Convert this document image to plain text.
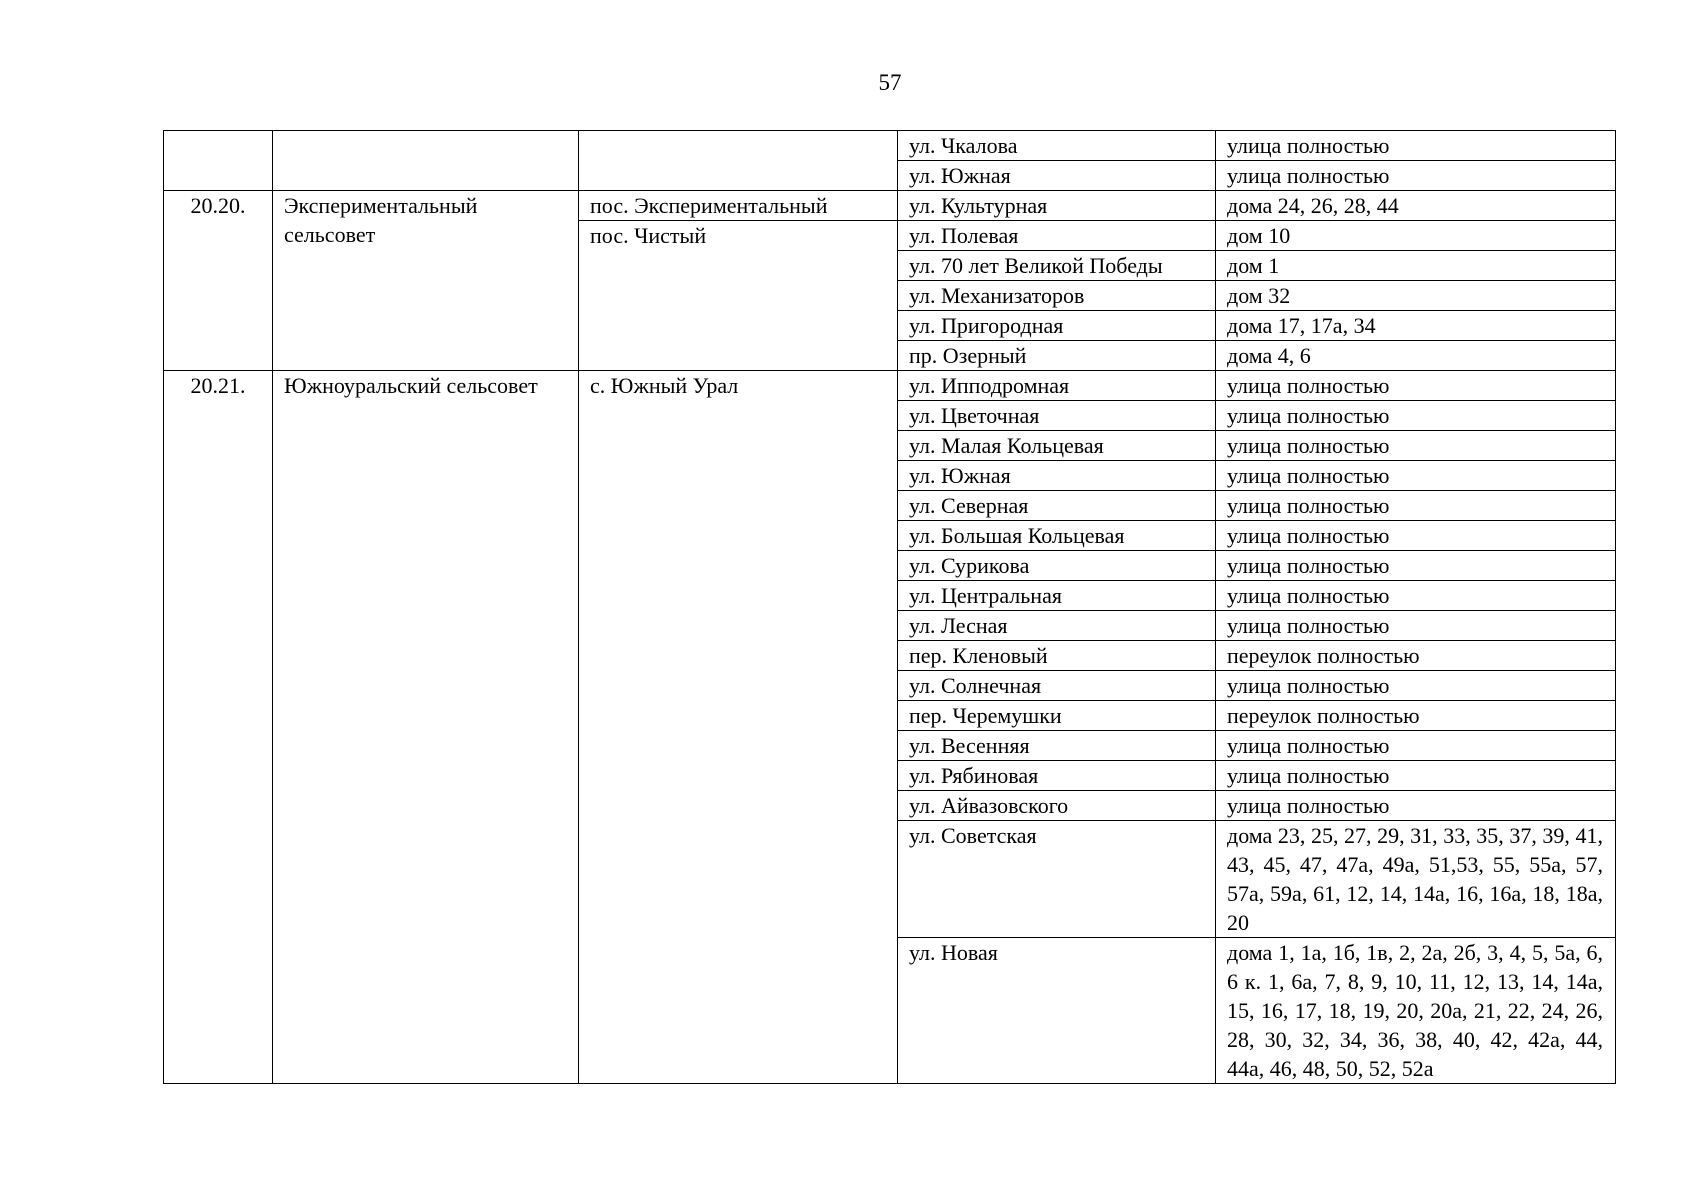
57
			ул. Чкалова	улица полностью
			ул. Южная	улица полностью
20.20.	Экспериментальный сельсовет	пос. Экспериментальный	ул. Культурная	дома 24, 26, 28, 44
		пос. Чистый	ул. Полевая	дом 10
			ул. 70 лет Великой Победы	дом 1
			ул. Механизаторов	дом 32
			ул. Пригородная	дома 17, 17а, 34
			пр. Озерный	дома 4, 6
20.21.	Южноуральский сельсовет	с. Южный Урал	ул. Ипподромная	улица полностью
			ул. Цветочная	улица полностью
			ул. Малая Кольцевая	улица полностью
			ул. Южная	улица полностью
			ул. Северная	улица полностью
			ул. Большая Кольцевая	улица полностью
			ул. Сурикова	улица полностью
			ул. Центральная	улица полностью
			ул. Лесная	улица полностью
			пер. Кленовый	переулок полностью
			ул. Солнечная	улица полностью
			пер. Черемушки	переулок полностью
			ул. Весенняя	улица полностью
			ул. Рябиновая	улица полностью
			ул. Айвазовского	улица полностью
			ул. Советская	дома 23, 25, 27, 29, 31, 33, 35, 37, 39, 41, 43, 45, 47, 47а, 49а, 51,53, 55, 55а, 57, 57а, 59а, 61, 12, 14, 14а, 16, 16а, 18, 18а, 20
			ул. Новая	дома 1, 1а, 1б, 1в, 2, 2а, 2б, 3, 4, 5, 5а, 6, 6 к. 1, 6а, 7, 8, 9, 10, 11, 12, 13, 14, 14а, 15, 16, 17, 18, 19, 20, 20а, 21, 22, 24, 26, 28, 30, 32, 34, 36, 38, 40, 42, 42а, 44, 44а, 46, 48, 50, 52, 52а
